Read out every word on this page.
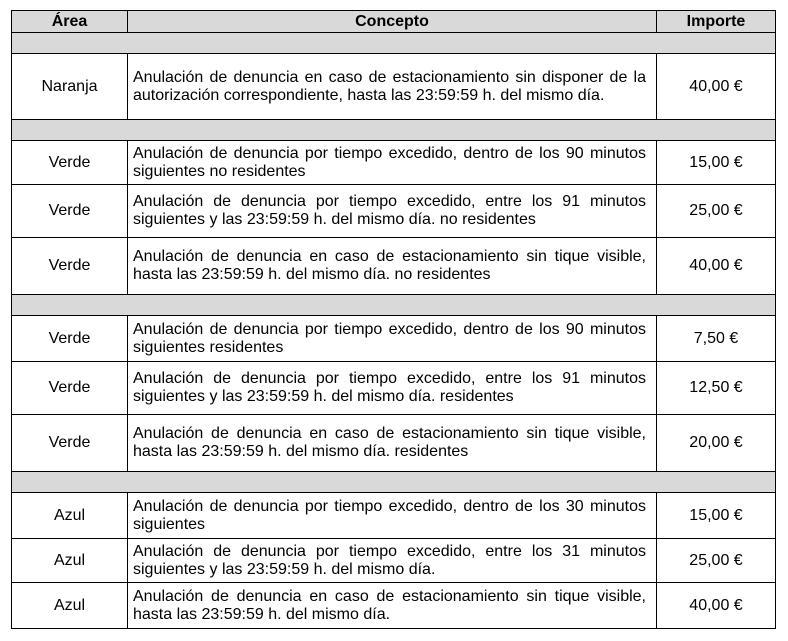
Área	Concepto	Importe

Naranja	Anulación de denuncia en caso de estacionamiento sin disponer de la autorización correspondiente, hasta las 23:59:59 h. del mismo día.	40,00 €

Verde	Anulación de denuncia por tiempo excedido, dentro de los 90 minutos siguientes no residentes	15,00 €
Verde	Anulación de denuncia por tiempo excedido, entre los 91 minutos siguientes y las 23:59:59 h. del mismo día. no residentes	25,00 €
Verde	Anulación de denuncia en caso de estacionamiento sin tique visible, hasta las 23:59:59 h. del mismo día. no residentes	40,00 €

Verde	Anulación de denuncia por tiempo excedido, dentro de los 90 minutos siguientes residentes	7,50 €
Verde	Anulación de denuncia por tiempo excedido, entre los 91 minutos siguientes y las 23:59:59 h. del mismo día. residentes	12,50 €
Verde	Anulación de denuncia en caso de estacionamiento sin tique visible, hasta las 23:59:59 h. del mismo día. residentes	20,00 €

Azul	Anulación de denuncia por tiempo excedido, dentro de los 30 minutos siguientes	15,00 €
Azul	Anulación de denuncia por tiempo excedido, entre los 31 minutos siguientes y las 23:59:59 h. del mismo día.	25,00 €
Azul	Anulación de denuncia en caso de estacionamiento sin tique visible, hasta las 23:59:59 h. del mismo día.	40,00 €
